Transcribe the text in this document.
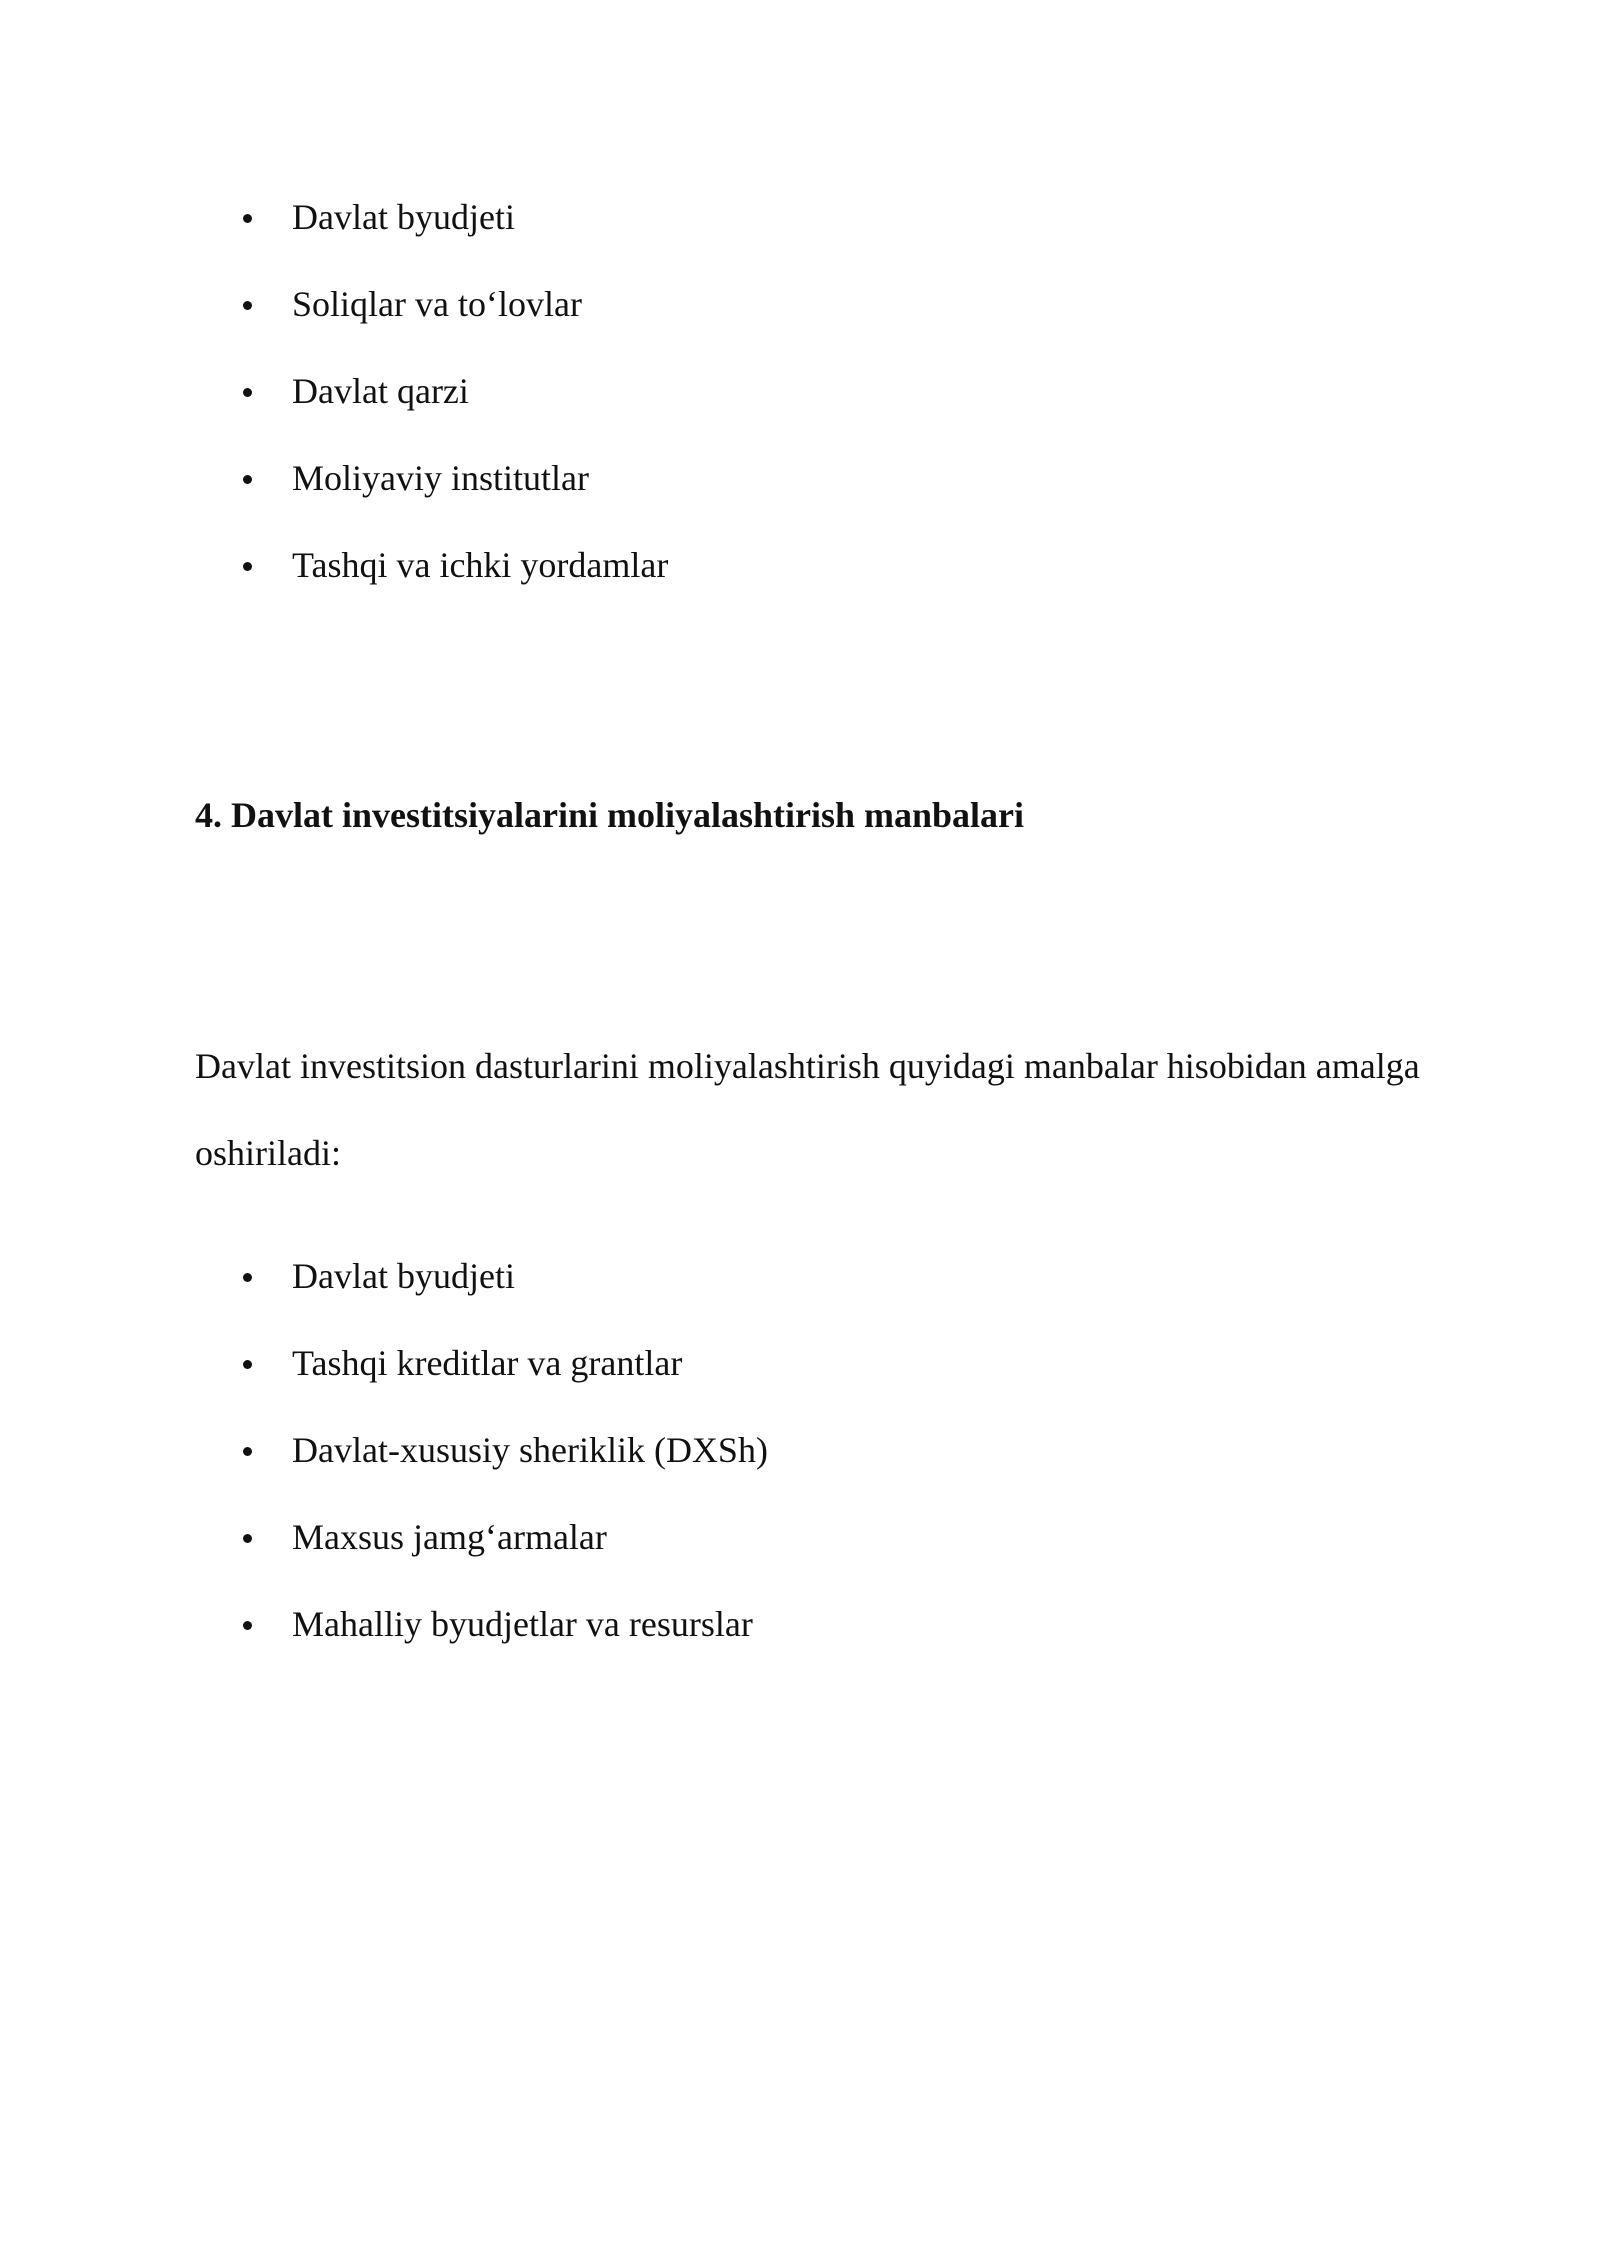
Davlat byudjeti
Soliqlar va to‘lovlar
Davlat qarzi
Moliyaviy institutlar
Tashqi va ichki yordamlar
4. Davlat investitsiyalarini moliyalashtirish manbalari

Davlat investitsion dasturlarini moliyalashtirish quyidagi manbalar hisobidan amalga oshiriladi:

Davlat byudjeti
Tashqi kreditlar va grantlar
Davlat-xususiy sheriklik (DXSh)
Maxsus jamg‘armalar
Mahalliy byudjetlar va resurslar
